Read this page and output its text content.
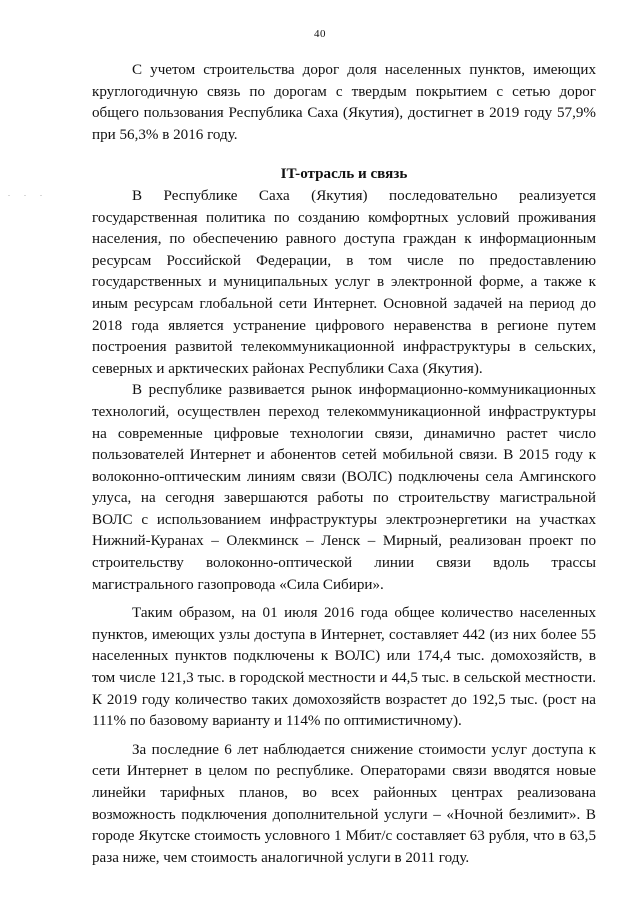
40
. . .

С учетом строительства дорог доля населенных пунктов, имеющих круглогодичную связь по дорогам с твердым покрытием с сетью дорог общего пользования Республика Саха (Якутия), достигнет в 2019 году 57,9% при 56,3% в 2016 году.

IT-отрасль и связь

В Республике Саха (Якутия) последовательно реализуется государственная политика по созданию комфортных условий проживания населения, по обеспечению равного доступа граждан к информационным ресурсам Российской Федерации, в том числе по предоставлению государственных и муниципальных услуг в электронной форме, а также к иным ресурсам глобальной сети Интернет. Основной задачей на период до 2018 года является устранение цифрового неравенства в регионе путем построения развитой телекоммуникационной инфраструктуры в сельских, северных и арктических районах Республики Саха (Якутия).

В республике развивается рынок информационно-коммуникационных технологий, осуществлен переход телекоммуникационной инфраструктуры на современные цифровые технологии связи, динамично растет число пользователей Интернет и абонентов сетей мобильной связи. В 2015 году к волоконно-оптическим линиям связи (ВОЛС) подключены села Амгинского улуса, на сегодня завершаются работы по строительству магистральной ВОЛС с использованием инфраструктуры электроэнергетики на участках Нижний-Куранах – Олекминск – Ленск – Мирный, реализован проект по строительству волоконно-оптической линии связи вдоль трассы магистрального газопровода «Сила Сибири».

Таким образом, на 01 июля 2016 года общее количество населенных пунктов, имеющих узлы доступа в Интернет, составляет 442 (из них более 55 населенных пунктов подключены к ВОЛС) или 174,4 тыс. домохозяйств, в том числе 121,3 тыс. в городской местности и 44,5 тыс. в сельской местности. К 2019 году количество таких домохозяйств возрастет до 192,5 тыс. (рост на 111% по базовому варианту и 114% по оптимистичному).

За последние 6 лет наблюдается снижение стоимости услуг доступа к сети Интернет в целом по республике. Операторами связи вводятся новые линейки тарифных планов, во всех районных центрах реализована возможность подключения дополнительной услуги – «Ночной безлимит». В городе Якутске стоимость условного 1 Мбит/с составляет 63 рубля, что в 63,5 раза ниже, чем стоимость аналогичной услуги в 2011 году.
